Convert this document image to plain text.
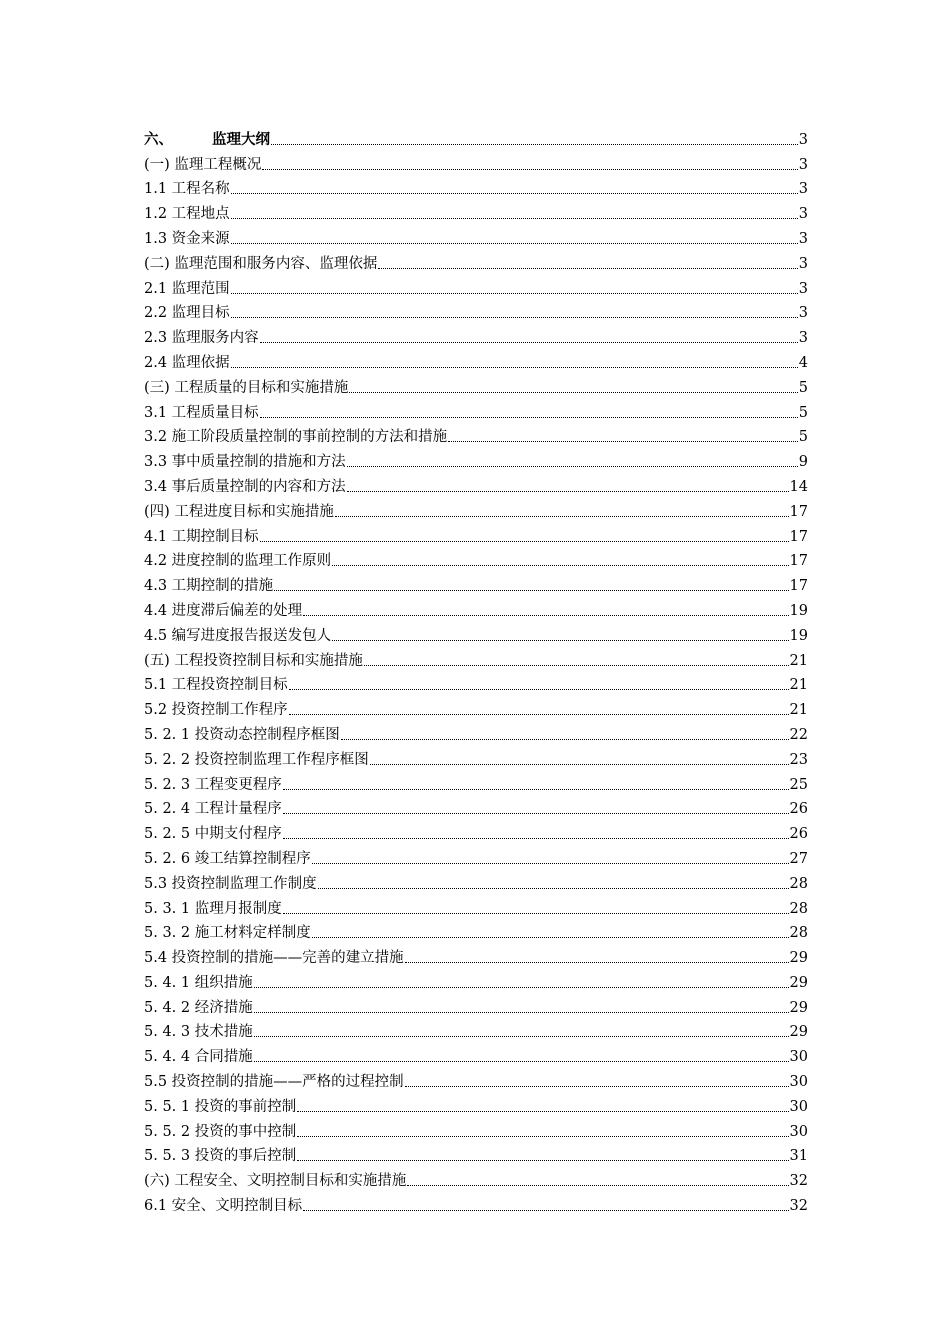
六、	监理大纲	3
(一) 监理工程概况	3
1.1 工程名称	3
1.2 工程地点	3
1.3 资金来源	3
(二) 监理范围和服务内容、监理依据	3
2.1 监理范围	3
2.2 监理目标	3
2.3 监理服务内容	3
2.4 监理依据	4
(三) 工程质量的目标和实施措施	5
3.1 工程质量目标	5
3.2 施工阶段质量控制的事前控制的方法和措施	5
3.3 事中质量控制的措施和方法	9
3.4 事后质量控制的内容和方法	14
(四) 工程进度目标和实施措施	17
4.1 工期控制目标	17
4.2 进度控制的监理工作原则	17
4.3 工期控制的措施	17
4.4 进度滞后偏差的处理	19
4.5 编写进度报告报送发包人	19
(五) 工程投资控制目标和实施措施	21
5.1 工程投资控制目标	21
5.2 投资控制工作程序	21
5. 2. 1 投资动态控制程序框图	22
5. 2. 2 投资控制监理工作程序框图	23
5. 2. 3 工程变更程序	25
5. 2. 4 工程计量程序	26
5. 2. 5 中期支付程序	26
5. 2. 6 竣工结算控制程序	27
5.3 投资控制监理工作制度	28
5. 3. 1 监理月报制度	28
5. 3. 2 施工材料定样制度	28
5.4 投资控制的措施——完善的建立措施	29
5. 4. 1 组织措施	29
5. 4. 2 经济措施	29
5. 4. 3 技术措施	29
5. 4. 4 合同措施	30
5.5 投资控制的措施——严格的过程控制	30
5. 5. 1 投资的事前控制	30
5. 5. 2 投资的事中控制	30
5. 5. 3 投资的事后控制	31
(六) 工程安全、文明控制目标和实施措施	32
6.1 安全、文明控制目标	32
